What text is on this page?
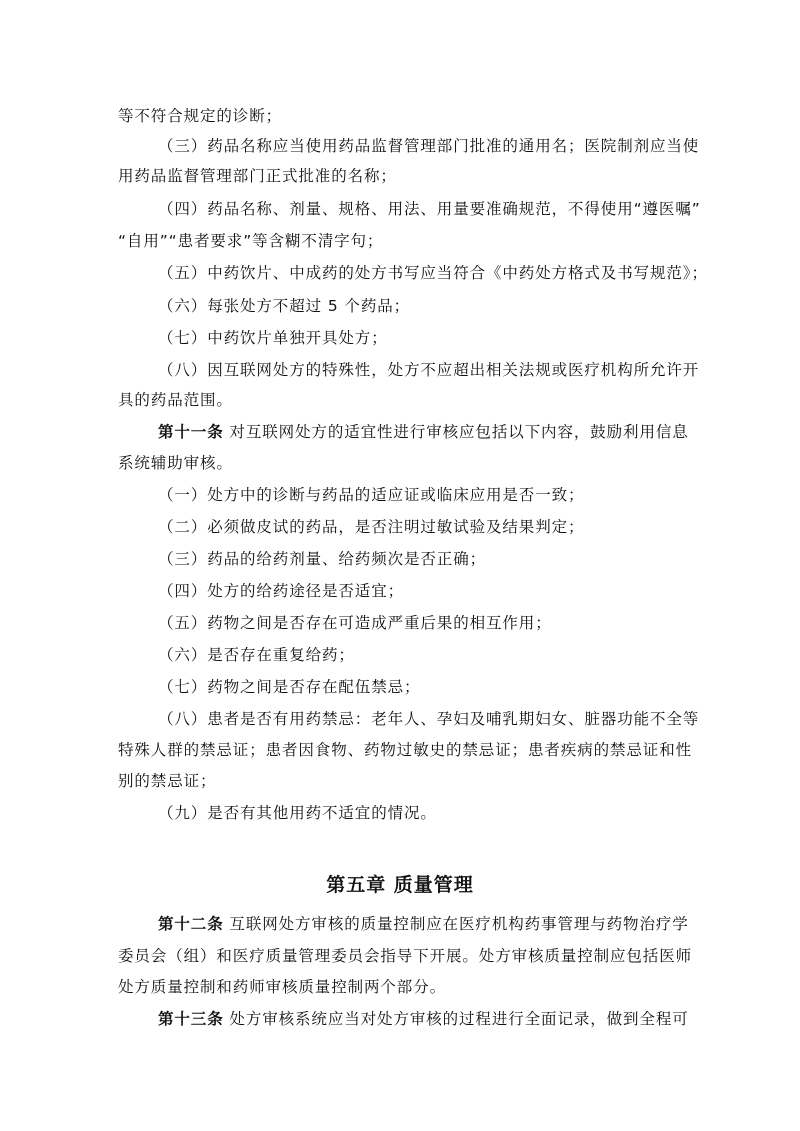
等不符合规定的诊断；
（三）药品名称应当使用药品监督管理部门批准的通用名；医院制剂应当使
用药品监督管理部门正式批准的名称；
（四）药品名称、剂量、规格、用法、用量要准确规范，不得使用“遵医嘱”
“自用”“患者要求”等含糊不清字句；
（五）中药饮片、中成药的处方书写应当符合《中药处方格式及书写规范》；
（六）每张处方不超过 5 个药品；
（七）中药饮片单独开具处方；
（八）因互联网处方的特殊性，处方不应超出相关法规或医疗机构所允许开
具的药品范围。
第十一条 对互联网处方的适宜性进行审核应包括以下内容，鼓励利用信息
系统辅助审核。
（一）处方中的诊断与药品的适应证或临床应用是否一致；
（二）必须做皮试的药品，是否注明过敏试验及结果判定；
（三）药品的给药剂量、给药频次是否正确；
（四）处方的给药途径是否适宜；
（五）药物之间是否存在可造成严重后果的相互作用；
（六）是否存在重复给药；
（七）药物之间是否存在配伍禁忌；
（八）患者是否有用药禁忌：老年人、孕妇及哺乳期妇女、脏器功能不全等
特殊人群的禁忌证；患者因食物、药物过敏史的禁忌证；患者疾病的禁忌证和性
别的禁忌证；
（九）是否有其他用药不适宜的情况。
第五章 质量管理
第十二条 互联网处方审核的质量控制应在医疗机构药事管理与药物治疗学
委员会（组）和医疗质量管理委员会指导下开展。处方审核质量控制应包括医师
处方质量控制和药师审核质量控制两个部分。
第十三条 处方审核系统应当对处方审核的过程进行全面记录，做到全程可
